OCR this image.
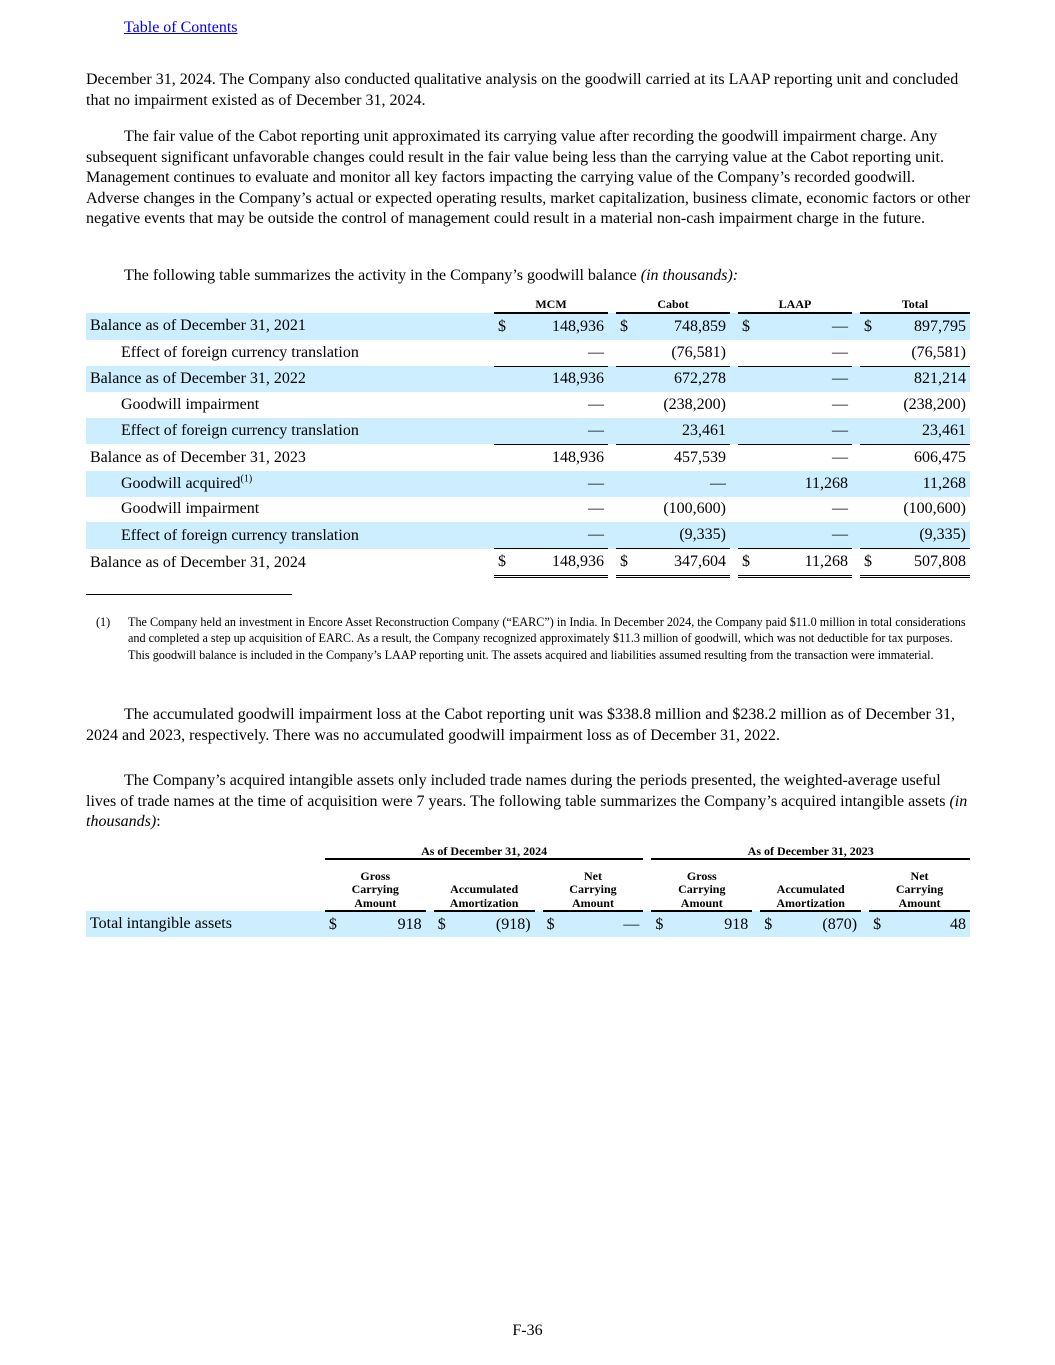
Table of Contents

December 31, 2024. The Company also conducted qualitative analysis on the goodwill carried at its LAAP reporting unit and concluded that no impairment existed as of December 31, 2024.

The fair value of the Cabot reporting unit approximated its carrying value after recording the goodwill impairment charge. Any subsequent significant unfavorable changes could result in the fair value being less than the carrying value at the Cabot reporting unit. Management continues to evaluate and monitor all key factors impacting the carrying value of the Company’s recorded goodwill. Adverse changes in the Company’s actual or expected operating results, market capitalization, business climate, economic factors or other negative events that may be outside the control of management could result in a material non-cash impairment charge in the future.

The following table summarizes the activity in the Company’s goodwill balance (in thousands):

	MCM			Cabot			LAAP			Total	
Balance as of December 31, 2021	$	148,936		$	748,859		$	—		$	897,795
Effect of foreign currency translation		—			(76,581)			—			(76,581)
Balance as of December 31, 2022		148,936			672,278			—			821,214
Goodwill impairment		—			(238,200)			—			(238,200)
Effect of foreign currency translation		—			23,461			—			23,461
Balance as of December 31, 2023		148,936			457,539			—			606,475
Goodwill acquired$^{(1)}$		—			—			11,268			11,268
Goodwill impairment		—			(100,600)			—			(100,600)
Effect of foreign currency translation		—			(9,335)			—			(9,335)
Balance as of December 31, 2024	$	148,936		$	347,604		$	11,268		$	507,808
(1) The Company held an investment in Encore Asset Reconstruction Company (“EARC”) in India. In December 2024, the Company paid $11.0 million in total considerations and completed a step up acquisition of EARC. As a result, the Company recognized approximately $11.3 million of goodwill, which was not deductible for tax purposes. This goodwill balance is included in the Company’s LAAP reporting unit. The assets acquired and liabilities assumed resulting from the transaction were immaterial.

The accumulated goodwill impairment loss at the Cabot reporting unit was $338.8 million and $238.2 million as of December 31, 2024 and 2023, respectively. There was no accumulated goodwill impairment loss as of December 31, 2022.

The Company’s acquired intangible assets only included trade names during the periods presented, the weighted-average useful lives of trade names at the time of acquisition were 7 years. The following table summarizes the Company’s acquired intangible assets (in thousands):

	As of December 31, 2024									As of December 31, 2023							

Gross
Carrying
Amount

Accumulated
Amortization

Net
Carrying
Amount

Gross
Carrying
Amount

Accumulated
Amortization

Net
Carrying
Amount

Total intangible assets	$	918		$	(918)		$	—		$	918		$	(870)		$	48
F-36
